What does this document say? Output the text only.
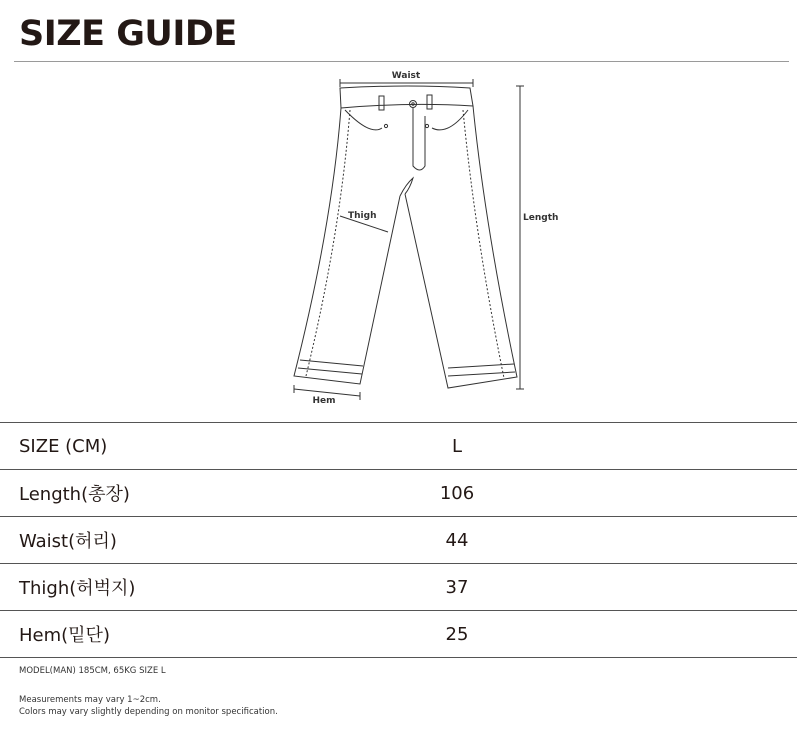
SIZE GUIDE
Waist
Length
Thigh
Hem
SIZE (CM)	L	
Length(총장)	106	
Waist(허리)	44	
Thigh(허벅지)	37	
Hem(밑단)	25	
MODEL(MAN) 185CM, 65KG SIZE L
Measurements may vary 1~2cm.
Colors may vary slightly depending on monitor specification.
